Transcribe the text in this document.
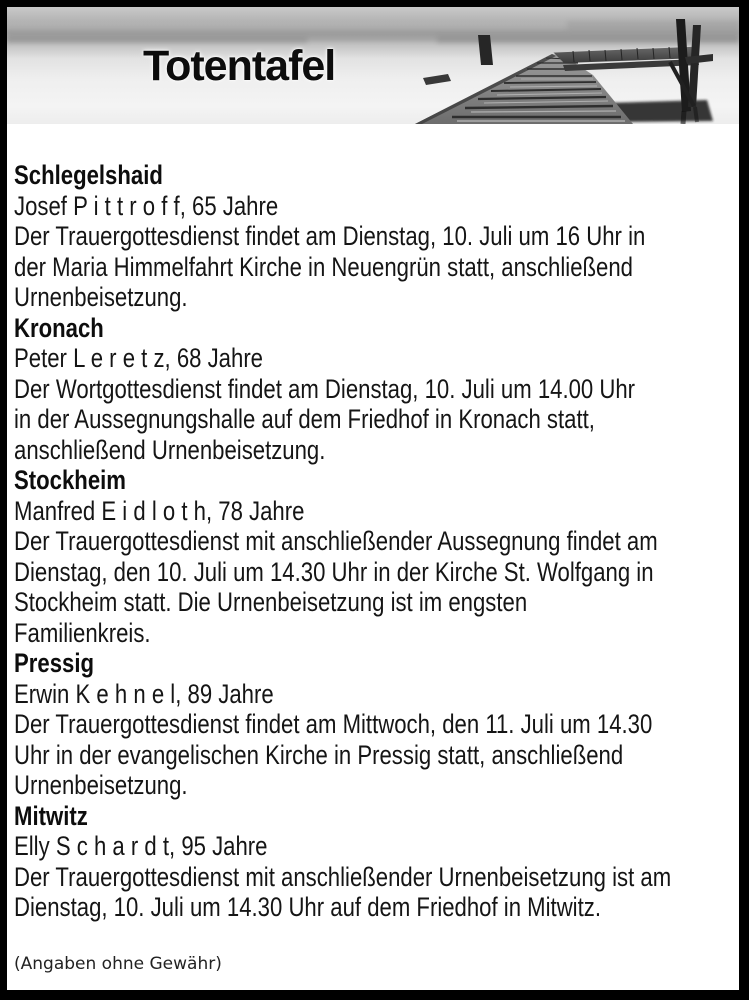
Totentafel
Schlegelshaid
Josef P i t t r o f f, 65 Jahre
Der Trauergottesdienst findet am Dienstag, 10. Juli um 16 Uhr in
der Maria Himmelfahrt Kirche in Neuengrün statt, anschließend
Urnenbeisetzung.
Kronach
Peter L e r e t z, 68 Jahre
Der Wortgottesdienst findet am Dienstag, 10. Juli um 14.00 Uhr
in der Aussegnungshalle auf dem Friedhof in Kronach statt,
anschließend Urnenbeisetzung.
Stockheim
Manfred E i d l o t h, 78 Jahre
Der Trauergottesdienst mit anschließender Aussegnung findet am
Dienstag, den 10. Juli um 14.30 Uhr in der Kirche St. Wolfgang in
Stockheim statt. Die Urnenbeisetzung ist im engsten
Familienkreis.
Pressig
Erwin K e h n e l, 89 Jahre
Der Trauergottesdienst findet am Mittwoch, den 11. Juli um 14.30
Uhr in der evangelischen Kirche in Pressig statt, anschließend
Urnenbeisetzung.
Mitwitz
Elly S c h a r d t, 95 Jahre
Der Trauergottesdienst mit anschließender Urnenbeisetzung ist am
Dienstag, 10. Juli um 14.30 Uhr auf dem Friedhof in Mitwitz.
(Angaben ohne Gewähr)
